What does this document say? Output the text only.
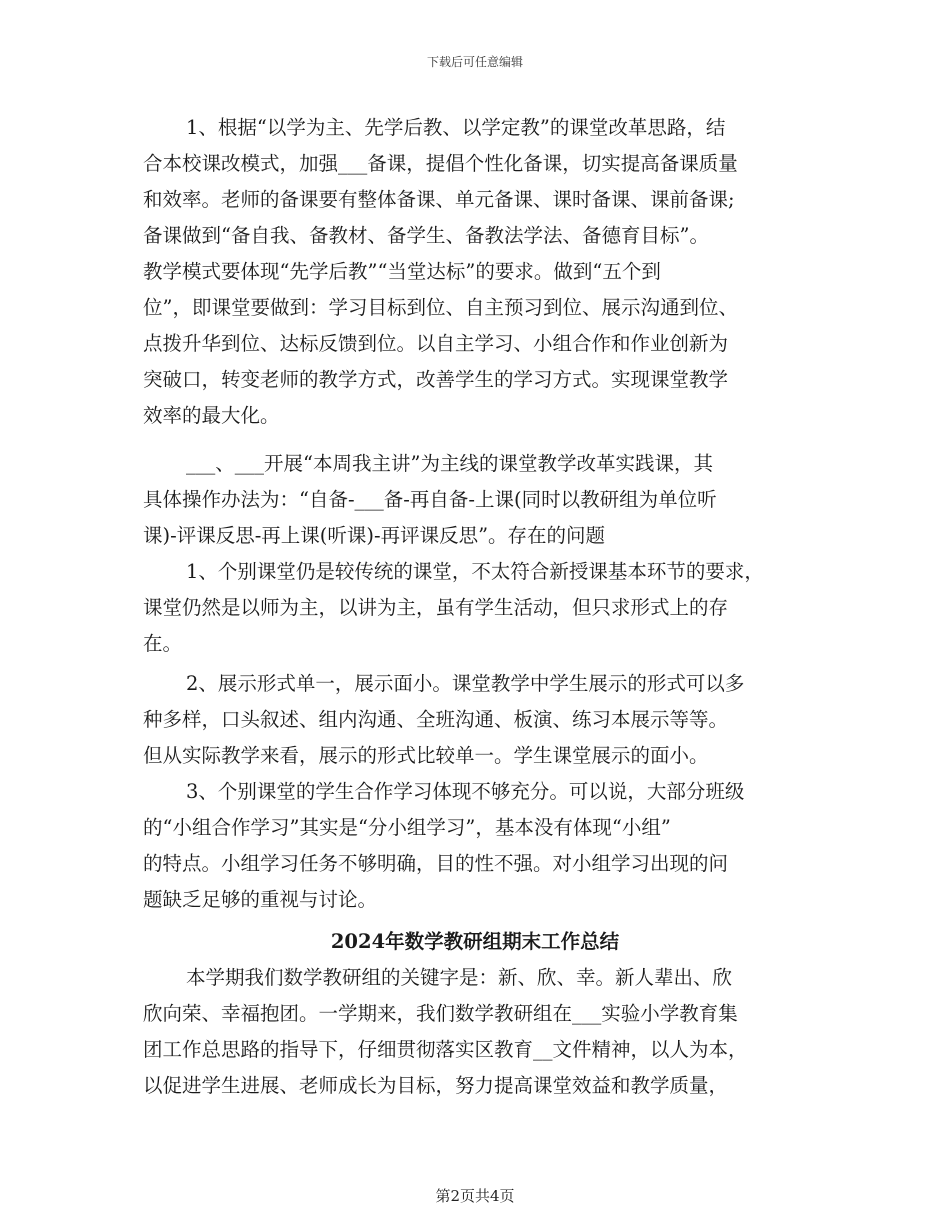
下载后可任意编辑
1、根据“以学为主、先学后教、以学定教”的课堂改革思路，结
合本校课改模式，加强___备课，提倡个性化备课，切实提高备课质量
和效率。老师的备课要有整体备课、单元备课、课时备课、课前备课;
备课做到“备自我、备教材、备学生、备教法学法、备德育目标”。
教学模式要体现“先学后教”“当堂达标”的要求。做到“五个到
位”，即课堂要做到：学习目标到位、自主预习到位、展示沟通到位、
点拨升华到位、达标反馈到位。以自主学习、小组合作和作业创新为
突破口，转变老师的教学方式，改善学生的学习方式。实现课堂教学
效率的最大化。
___、___开展“本周我主讲”为主线的课堂教学改革实践课，其
具体操作办法为：“自备-___备-再自备-上课(同时以教研组为单位听
课)-评课反思-再上课(听课)-再评课反思”。存在的问题
1、个别课堂仍是较传统的课堂，不太符合新授课基本环节的要求，
课堂仍然是以师为主，以讲为主，虽有学生活动，但只求形式上的存
在。
2、展示形式单一，展示面小。课堂教学中学生展示的形式可以多
种多样，口头叙述、组内沟通、全班沟通、板演、练习本展示等等。
但从实际教学来看，展示的形式比较单一。学生课堂展示的面小。
3、个别课堂的学生合作学习体现不够充分。可以说，大部分班级
的“小组合作学习”其实是“分小组学习”，基本没有体现“小组”
的特点。小组学习任务不够明确，目的性不强。对小组学习出现的问
题缺乏足够的重视与讨论。
2024年数学教研组期末工作总结
本学期我们数学教研组的关键字是：新、欣、幸。新人辈出、欣
欣向荣、幸福抱团。一学期来，我们数学教研组在___实验小学教育集
团工作总思路的指导下，仔细贯彻落实区教育__文件精神，以人为本，
以促进学生进展、老师成长为目标，努力提高课堂效益和教学质量，
第2页共4页
